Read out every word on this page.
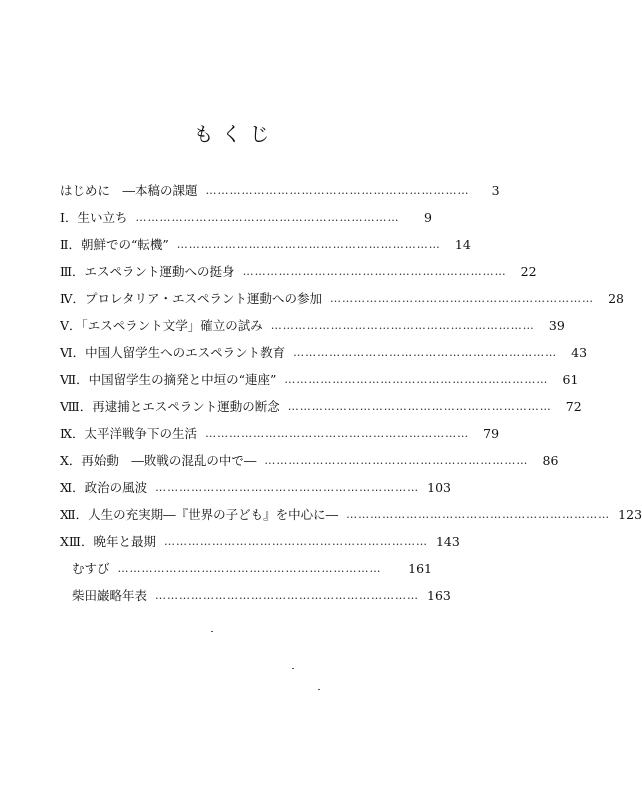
もくじ
はじめに　―本稿の課題 …………………………………………………………	3
Ⅰ．生い立ち …………………………………………………………	9
Ⅱ．朝鮮での“転機” …………………………………………………………	14
Ⅲ．エスペラント運動への挺身 …………………………………………………………	22
Ⅳ．プロレタリア・エスペラント運動への参加 …………………………………………………………	28
Ⅴ．「エスペラント文学」確立の試み …………………………………………………………	39
Ⅵ．中国人留学生へのエスペラント教育 …………………………………………………………	43
Ⅶ．中国留学生の摘発と中垣の“連座” …………………………………………………………	61
Ⅷ．再逮捕とエスペラント運動の断念 …………………………………………………………	72
Ⅸ．太平洋戦争下の生活 …………………………………………………………	79
Ⅹ．再始動　―敗戦の混乱の中で― …………………………………………………………	86
Ⅺ．政治の風波 ………………………………………………………… 103
Ⅻ．人生の充実期―『世界の子ども』を中心に― ………………………………………………………… 123
ⅩⅢ．晩年と最期 ………………………………………………………… 143
むすび …………………………………………………………	161
柴田巌略年表 ………………………………………………………… 163
